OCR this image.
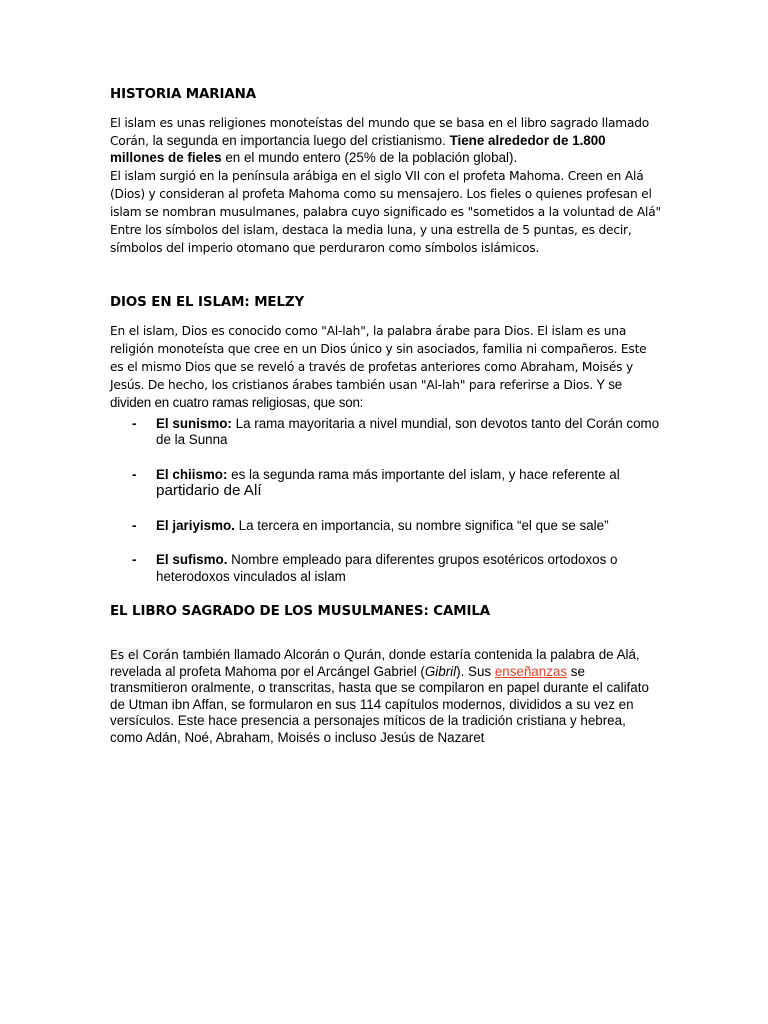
HISTORIA MARIANA

El islam es unas religiones monoteístas del mundo que se basa en el libro sagrado llamado

Corán, la segunda en importancia luego del cristianismo. Tiene alrededor de 1.800 millones de fieles en el mundo entero (25% de la población global).

El islam surgió en la península arábiga en el siglo VII con el profeta Mahoma. Creen en Alá (Dios) y consideran al profeta Mahoma como su mensajero. Los fieles o quienes profesan el islam se nombran musulmanes, palabra cuyo significado es "sometidos a la voluntad de Alá" Entre los símbolos del islam, destaca la media luna, y una estrella de 5 puntas, es decir, símbolos del imperio otomano que perduraron como símbolos islámicos.

DIOS EN EL ISLAM: MELZY

En el islam, Dios es conocido como "Al-lah", la palabra árabe para Dios. El islam es una religión monoteísta que cree en un Dios único y sin asociados, familia ni compañeros. Este es el mismo Dios que se reveló a través de profetas anteriores como Abraham, Moisés y Jesús. De hecho, los cristianos árabes también usan "Al-lah" para referirse a Dios. Y se dividen en cuatro ramas religiosas, que son:

- El sunismo: La rama mayoritaria a nivel mundial, son devotos tanto del Corán como de la Sunna
- El chiismo: es la segunda rama más importante del islam, y hace referente al partidario de Alí
- El jariyismo. La tercera en importancia, su nombre significa “el que se sale”
- El sufismo. Nombre empleado para diferentes grupos esotéricos ortodoxos o heterodoxos vinculados al islam
EL LIBRO SAGRADO DE LOS MUSULMANES: CAMILA

Es el Corán también llamado Alcorán o Qurán, donde estaría contenida la palabra de Alá, revelada al profeta Mahoma por el Arcángel Gabriel (Gibril). Sus enseñanzas se transmitieron oralmente, o transcritas, hasta que se compilaron en papel durante el califato de Utman ibn Affan, se formularon en sus 114 capítulos modernos, divididos a su vez en versículos. Este hace presencia a personajes míticos de la tradición cristiana y hebrea, como Adán, Noé, Abraham, Moisés o incluso Jesús de Nazaret
